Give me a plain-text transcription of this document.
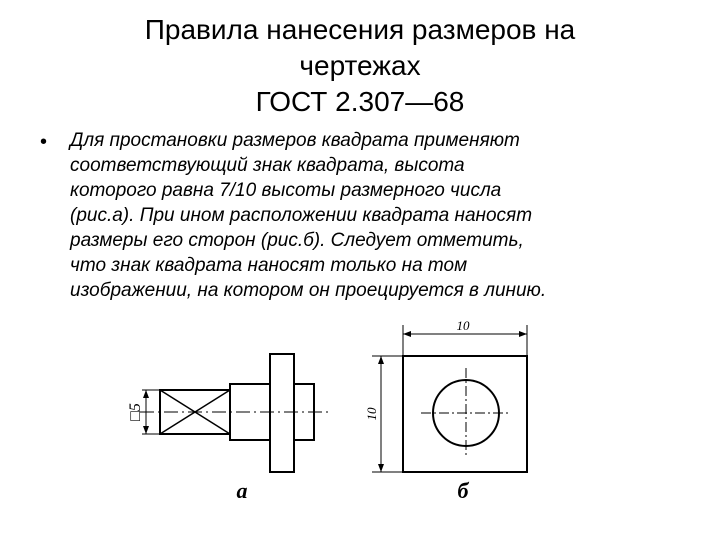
Правила нанесения размеров на
чертежах
ГОСТ 2.307—68
• Для простановки размеров квадрата применяют
соответствующий знак квадрата, высота
которого равна 7/10 высоты размерного числа
(рис.а). При ином расположении квадрата наносят
размеры его сторон (рис.б). Следует отметить,
что знак квадрата наносят только на том
изображении, на котором он проецируется в линию.
□5
а
10
10
б
